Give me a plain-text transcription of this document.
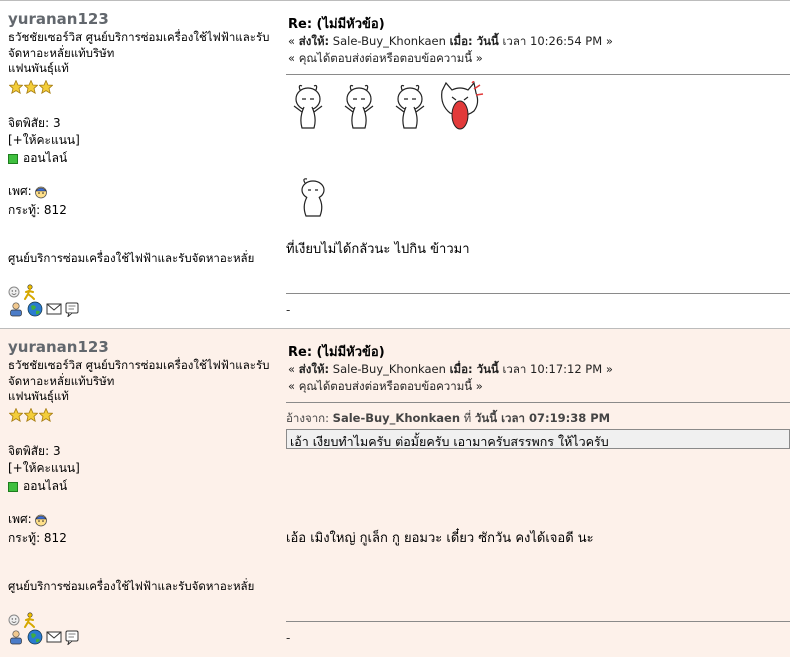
yuranan123
ธวัชชัยเซอร์วิส ศูนย์บริการซ่อมเครื่องใช้ไฟฟ้าและรับจัดหาอะหลั่ยแท้บริษัท
แฟนพันธุ์แท้
จิตพิสัย: 3
[+ให้คะแนน]
ออนไลน์
เพศ:
กระทู้: 812
ศูนย์บริการซ่อมเครื่องใช้ไฟฟ้าและรับจัดหาอะหลั่ย
Re: (ไม่มีหัวข้อ)
« ส่งให้: Sale-Buy_Khonkaen เมื่อ: วันนี้ เวลา 10:26:54 PM »
« คุณได้ตอบส่งต่อหรือตอบข้อความนี้ »
ที่เงียบไม่ได้กลัวนะ ไปกิน ข้าวมา
-
yuranan123
ธวัชชัยเซอร์วิส ศูนย์บริการซ่อมเครื่องใช้ไฟฟ้าและรับจัดหาอะหลั่ยแท้บริษัท
แฟนพันธุ์แท้
จิตพิสัย: 3
[+ให้คะแนน]
ออนไลน์
เพศ:
กระทู้: 812
ศูนย์บริการซ่อมเครื่องใช้ไฟฟ้าและรับจัดหาอะหลั่ย
Re: (ไม่มีหัวข้อ)
« ส่งให้: Sale-Buy_Khonkaen เมื่อ: วันนี้ เวลา 10:17:12 PM »
« คุณได้ตอบส่งต่อหรือตอบข้อความนี้ »
อ้างจาก: Sale-Buy_Khonkaen ที่ วันนี้ เวลา 07:19:38 PM
เอ้า เงียบทำไมครับ ต่อมั้ยครับ เอามาครับสรรพกร ให้ไวครับ
เอ้อ เมิงใหญ่ กูเล็ก กู ยอมวะ เดี๋ยว ซักวัน คงได้เจอดี นะ
-
